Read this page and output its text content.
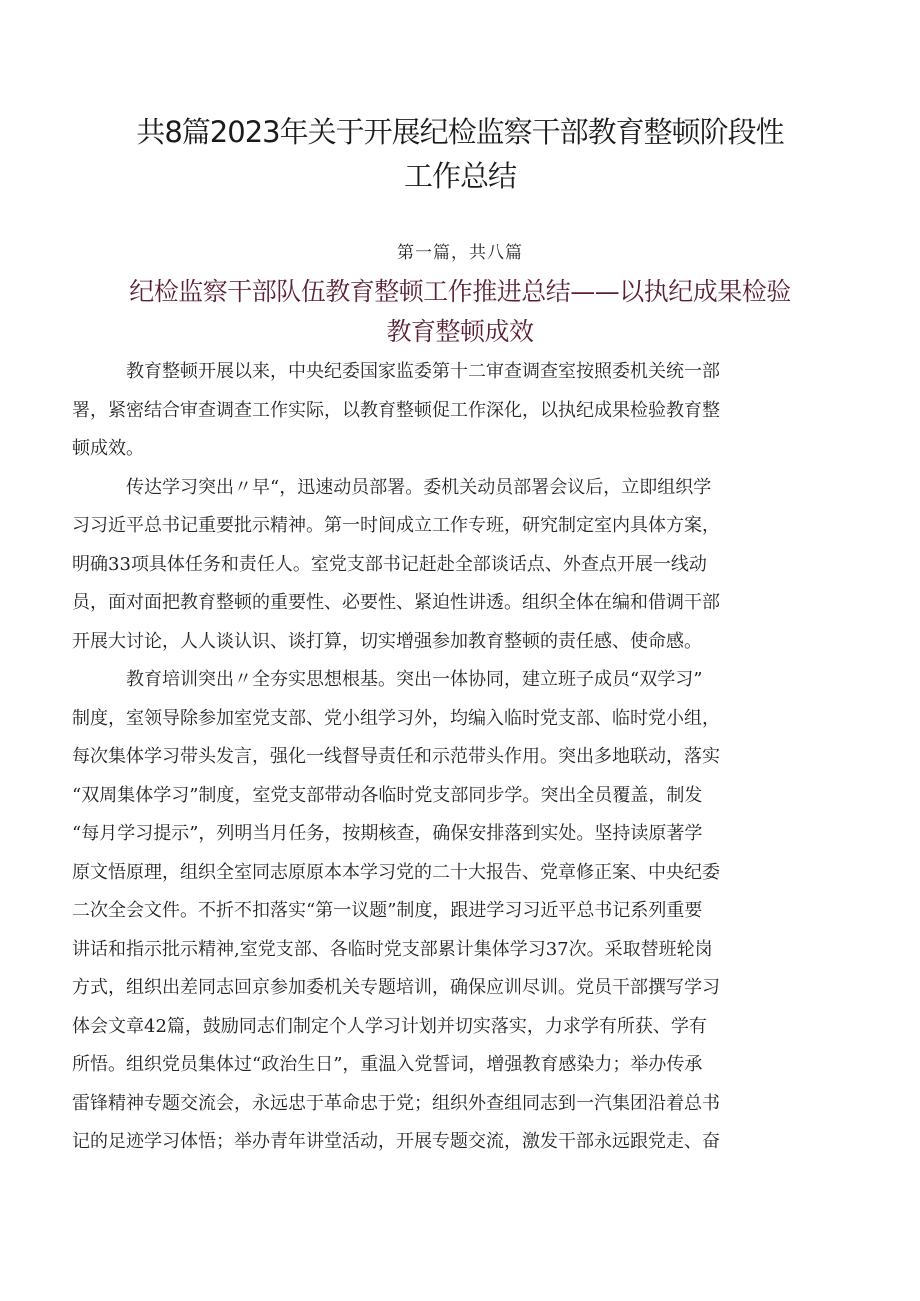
共8篇2023年关于开展纪检监察干部教育整顿阶段性
工作总结
第一篇，共八篇
纪检监察干部队伍教育整顿工作推进总结——以执纪成果检验
教育整顿成效
教育整顿开展以来，中央纪委国家监委第十二审查调查室按照委机关统一部
署，紧密结合审查调查工作实际，以教育整顿促工作深化，以执纪成果检验教育整
顿成效。
传达学习突出〃早“，迅速动员部署。委机关动员部署会议后，立即组织学
习习近平总书记重要批示精神。第一时间成立工作专班，研究制定室内具体方案，
明确33项具体任务和责任人。室党支部书记赶赴全部谈话点、外查点开展一线动
员，面对面把教育整顿的重要性、必要性、紧迫性讲透。组织全体在编和借调干部
开展大讨论，人人谈认识、谈打算，切实增强参加教育整顿的责任感、使命感。
教育培训突出〃全夯实思想根基。突出一体协同，建立班子成员“双学习”
制度，室领导除参加室党支部、党小组学习外，均编入临时党支部、临时党小组，
每次集体学习带头发言，强化一线督导责任和示范带头作用。突出多地联动，落实
“双周集体学习”制度，室党支部带动各临时党支部同步学。突出全员覆盖，制发
“每月学习提示”，列明当月任务，按期核查，确保安排落到实处。坚持读原著学
原文悟原理，组织全室同志原原本本学习党的二十大报告、党章修正案、中央纪委
二次全会文件。不折不扣落实“第一议题”制度，跟进学习习近平总书记系列重要
讲话和指示批示精神,室党支部、各临时党支部累计集体学习37次。采取替班轮岗
方式，组织出差同志回京参加委机关专题培训，确保应训尽训。党员干部撰写学习
体会文章42篇，鼓励同志们制定个人学习计划并切实落实，力求学有所获、学有
所悟。组织党员集体过“政治生日”，重温入党誓词，增强教育感染力；举办传承
雷锋精神专题交流会，永远忠于革命忠于党；组织外查组同志到一汽集团沿着总书
记的足迹学习体悟；举办青年讲堂活动，开展专题交流，激发干部永远跟党走、奋
